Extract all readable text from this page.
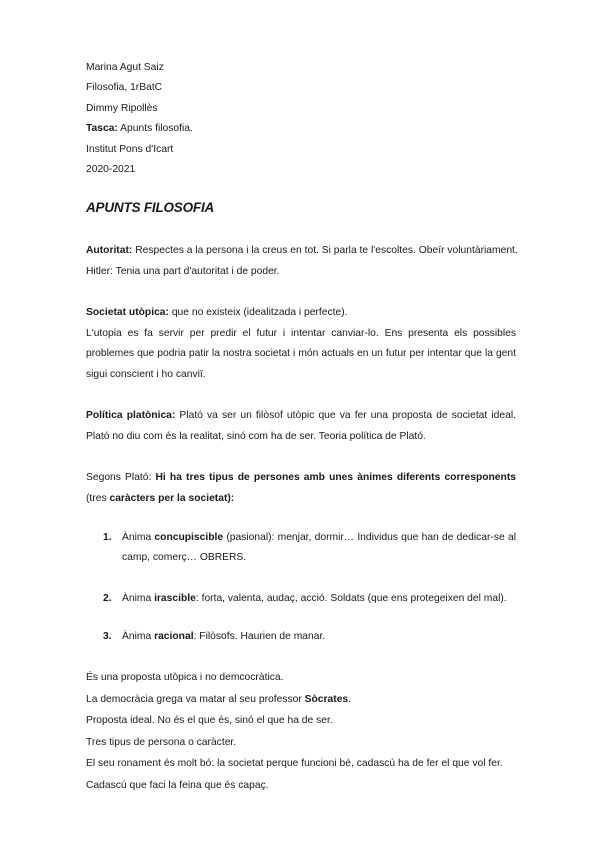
Marina Agut Saiz
Filosofia, 1rBatC
Dimmy Ripollès
Tasca: Apunts filosofia.
Institut Pons d'Icart
2020-2021
APUNTS FILOSOFIA
Autoritat: Respectes a la persona i la creus en tot. Si parla te l'escoltes. Obeïr voluntàriament.
Hitler: Tenia una part d'autoritat i de poder.
Societat utòpica: que no existeix (idealitzada i perfecte).
L'utopia es fa servir per predir el futur i intentar canviar-lo. Ens presenta els possibles problemes que podria patir la nostra societat i món actuals en un futur per intentar que la gent sigui conscient i ho canviï.
Política platònica: Plató va ser un filòsof utòpic que va fer una proposta de societat ideal. Plató no diu com és la realitat, sinó com ha de ser. Teoria política de Plató.
Segons Plató: Hi ha tres tipus de persones amb unes ànimes diferents corresponents (tres caràcters per la societat):
1. Ànima concupiscible (pasional): menjar, dormir… Individus que han de dedicar-se al camp, comerç… OBRERS.
2. Ànima irascible: forta, valenta, audaç, acció. Soldats (que ens protegeixen del mal).
3. Ànima racional: Filòsofs. Haurien de manar.
És una proposta utòpica i no demcocràtica.
La democràcia grega va matar al seu professor Sòcrates.
Proposta ideal. No és el que és, sinó el que ha de ser.
Tres tipus de persona o caràcter.
El seu ronament és molt bó: la societat perque funcioni bé, cadascú ha de fer el que vol fer.
Cadascú que faci la feina que és capaç.
